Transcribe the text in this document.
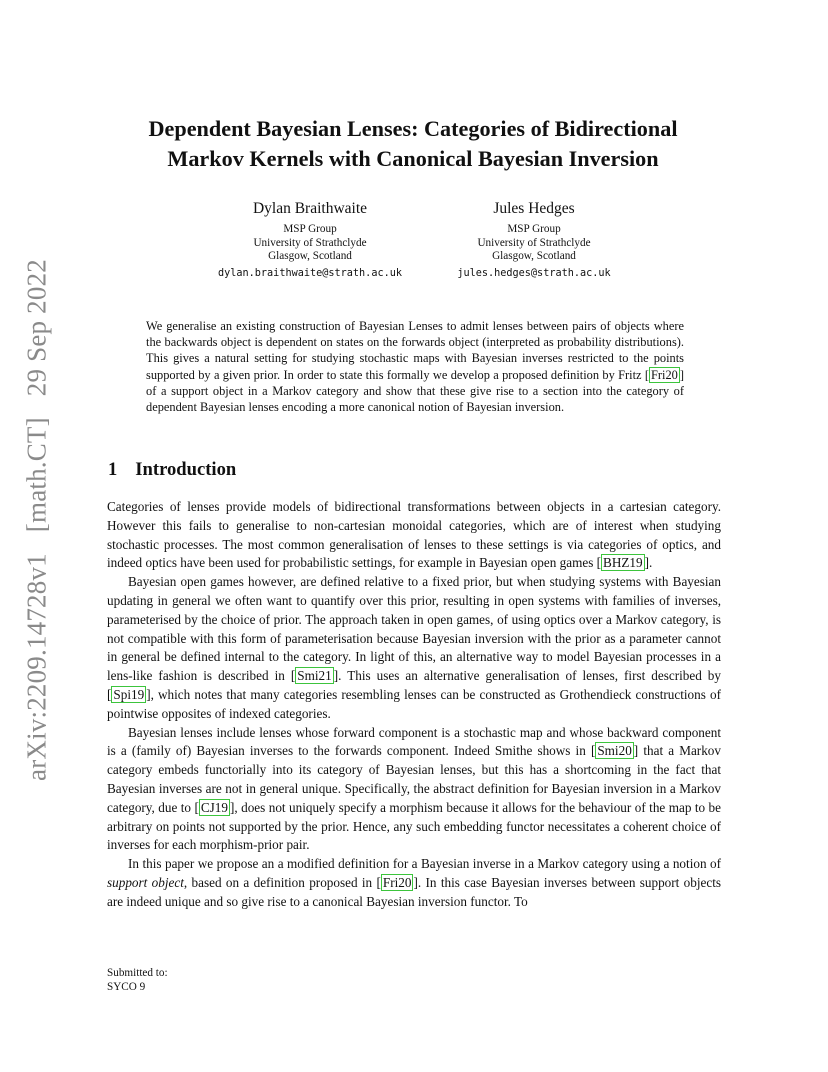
arXiv:2209.14728v1 [math.CT] 29 Sep 2022
Dependent Bayesian Lenses: Categories of Bidirectional
Markov Kernels with Canonical Bayesian Inversion
Dylan Braithwaite
MSP Group
University of Strathclyde
Glasgow, Scotland
dylan.braithwaite@strath.ac.uk
Jules Hedges
MSP Group
University of Strathclyde
Glasgow, Scotland
jules.hedges@strath.ac.uk
We generalise an existing construction of Bayesian Lenses to admit lenses between pairs of objects where the backwards object is dependent on states on the forwards object (interpreted as probability distributions). This gives a natural setting for studying stochastic maps with Bayesian inverses restricted to the points supported by a given prior. In order to state this formally we develop a proposed definition by Fritz [ Fri20 ] of a support object in a Markov category and show that these give rise to a section into the category of dependent Bayesian lenses encoding a more canonical notion of Bayesian inversion.
1 Introduction

Categories of lenses provide models of bidirectional transformations between objects in a cartesian category. However this fails to generalise to non-cartesian monoidal categories, which are of interest when studying stochastic processes. The most common generalisation of lenses to these settings is via categories of optics, and indeed optics have been used for probabilistic settings, for example in Bayesian open games [ BHZ19 ].

Bayesian open games however, are defined relative to a fixed prior, but when studying systems with Bayesian updating in general we often want to quantify over this prior, resulting in open systems with families of inverses, parameterised by the choice of prior. The approach taken in open games, of using optics over a Markov category, is not compatible with this form of parameterisation because Bayesian inversion with the prior as a parameter cannot in general be defined internal to the category. In light of this, an alternative way to model Bayesian processes in a lens-like fashion is described in [ Smi21 ]. This uses an alternative generalisation of lenses, first described by [ Spi19 ], which notes that many categories resembling lenses can be constructed as Grothendieck constructions of pointwise opposites of indexed categories.

Bayesian lenses include lenses whose forward component is a stochastic map and whose backward component is a (family of) Bayesian inverses to the forwards component. Indeed Smithe shows in [ Smi20 ] that a Markov category embeds functorially into its category of Bayesian lenses, but this has a shortcoming in the fact that Bayesian inverses are not in general unique. Specifically, the abstract definition for Bayesian inversion in a Markov category, due to [ CJ19 ], does not uniquely specify a morphism because it allows for the behaviour of the map to be arbitrary on points not supported by the prior. Hence, any such embedding functor necessitates a coherent choice of inverses for each morphism-prior pair.

In this paper we propose an a modified definition for a Bayesian inverse in a Markov category using a notion of support object, based on a definition proposed in [ Fri20 ]. In this case Bayesian inverses between support objects are indeed unique and so give rise to a canonical Bayesian inversion functor. To

Submitted to:
SYCO 9
